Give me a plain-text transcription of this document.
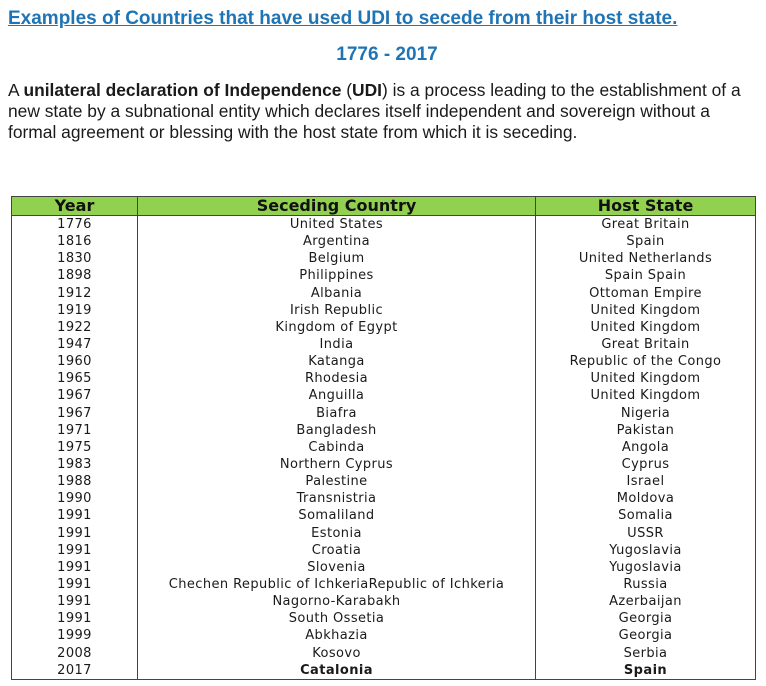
Examples of Countries that have used UDI to secede from their host state.
1776 - 2017
A unilateral declaration of Independence (UDI) is a process leading to the establishment of a new state by a subnational entity which declares itself independent and sovereign without a formal agreement or blessing with the host state from which it is seceding.
Year	Seceding Country	Host State
1776	United States	Great Britain
1816	Argentina	Spain
1830	Belgium	United Netherlands
1898	Philippines	Spain Spain
1912	Albania	Ottoman Empire
1919	Irish Republic	United Kingdom
1922	Kingdom of Egypt	United Kingdom
1947	India	Great Britain
1960	Katanga	Republic of the Congo
1965	Rhodesia	United Kingdom
1967	Anguilla	United Kingdom
1967	Biafra	Nigeria
1971	Bangladesh	Pakistan
1975	Cabinda	Angola
1983	Northern Cyprus	Cyprus
1988	Palestine	Israel
1990	Transnistria	Moldova
1991	Somaliland	Somalia
1991	Estonia	USSR
1991	Croatia	Yugoslavia
1991	Slovenia	Yugoslavia
1991	Chechen Republic of IchkeriaRepublic of Ichkeria	Russia
1991	Nagorno-Karabakh	Azerbaijan
1991	South Ossetia	Georgia
1999	Abkhazia	Georgia
2008	Kosovo	Serbia
2017	Catalonia	Spain
